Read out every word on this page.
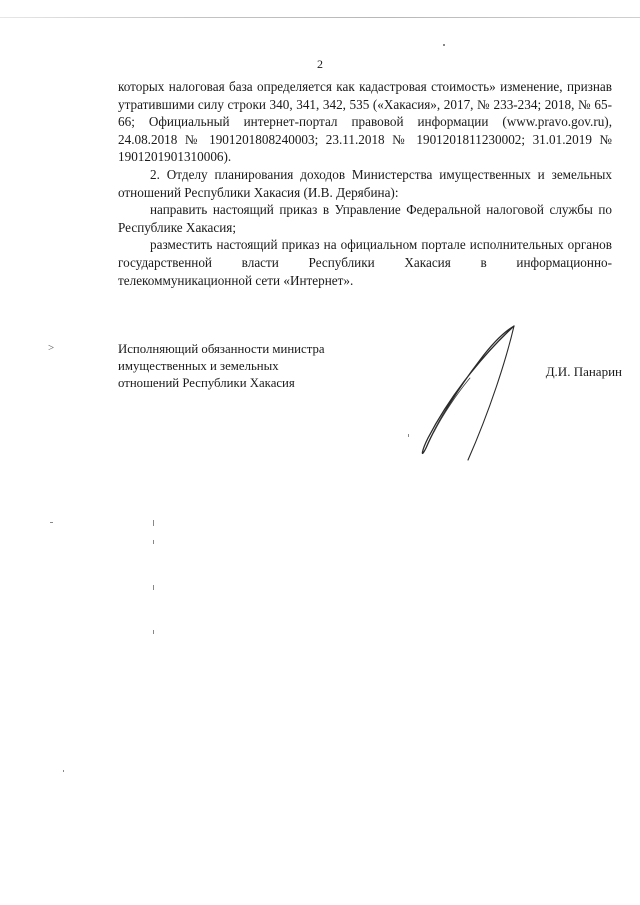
2

которых налоговая база определяется как кадастровая стоимость» изменение, признав утратившими силу строки 340, 341, 342, 535 («Хакасия», 2017, № 233-234; 2018, № 65-66; Официальный интернет-портал правовой информации (www.pravo.gov.ru), 24.08.2018 № 1901201808240003; 23.11.2018 № 1901201811230002; 31.01.2019 № 1901201901310006).

2. Отделу планирования доходов Министерства имущественных и земельных отношений Республики Хакасия (И.В. Дерябина):

направить настоящий приказ в Управление Федеральной налоговой службы по Республике Хакасия;

разместить настоящий приказ на официальном портале исполнительных органов государственной власти Республики Хакасия в информационно-телекоммуникационной сети «Интернет».

>	Исполняющий обязанности министра
имущественных и земельных
отношений Республики Хакасия
Д.И. Панарин
